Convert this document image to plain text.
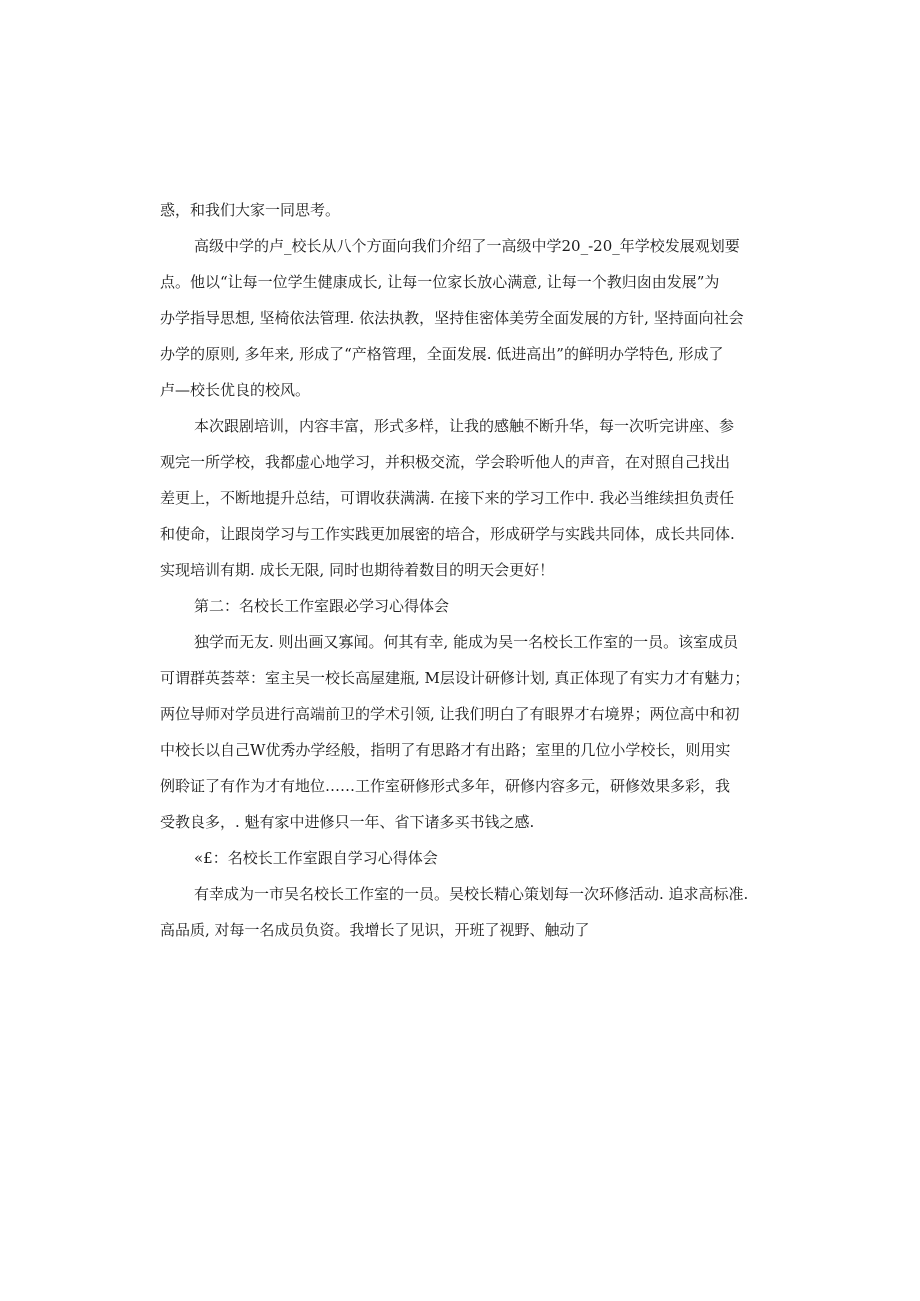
惑，和我们大家一同思考。
高级中学的卢_校长从八个方面向我们介绍了一高级中学20_-20_年学校发展观划要
点。他以“让每一位学生健康成长, 让每一位家长放心满意, 让每一个教归囱由发展”为
办学指导思想, 坚椅依法管理. 依法执教，坚持隹密体美劳全面发展的方针, 坚持面向社会
办学的原则, 多年来, 形成了“产格管理，全面发展. 低进高出”的鲜明办学特色, 形成了
卢—校长优良的校风。
本次跟剧培训，内容丰富，形式多样，让我的感触不断升华，每一次听完讲座、参
观完一所学校，我都虚心地学习，并积极交流，学会聆听他人的声音，在对照自己找出
差更上，不断地提升总结，可谓收获满满. 在接下来的学习工作中. 我必当维续担负责任
和使命，让跟岗学习与工作实践更加展密的培合，形成研学与实践共同体，成长共同体.
实现培训有期. 成长无限, 同时也期待着数目的明天会更好！
第二：名校长工作室跟必学习心得体会
独学而无友. 则出画又寡闻。何其有幸, 能成为吴一名校长工作室的一员。该室成员
可谓群英荟萃：室主吴一校长高屋建瓶, M层设计研修计划, 真正体现了有实力才有魅力；
两位导师对学员进行高端前卫的学术引领, 让我们明白了有眼界才右境界；两位高中和初
中校长以自己W优秀办学经般，指明了有思路才有出路；室里的几位小学校长，则用实
例聆证了有作为才有地位……工作室研修形式多年，研修内容多元，研修效果多彩，我
受教良多，. 魁有家中进修只一年、省下诸多买书钱之感.
«£：名校长工作室跟自学习心得体会
有幸成为一市吴名校长工作室的一员。吴校长精心策划每一次环修活动. 追求高标准.
高品质, 对每一名成员负资。我增长了见识，开班了视野、触动了
